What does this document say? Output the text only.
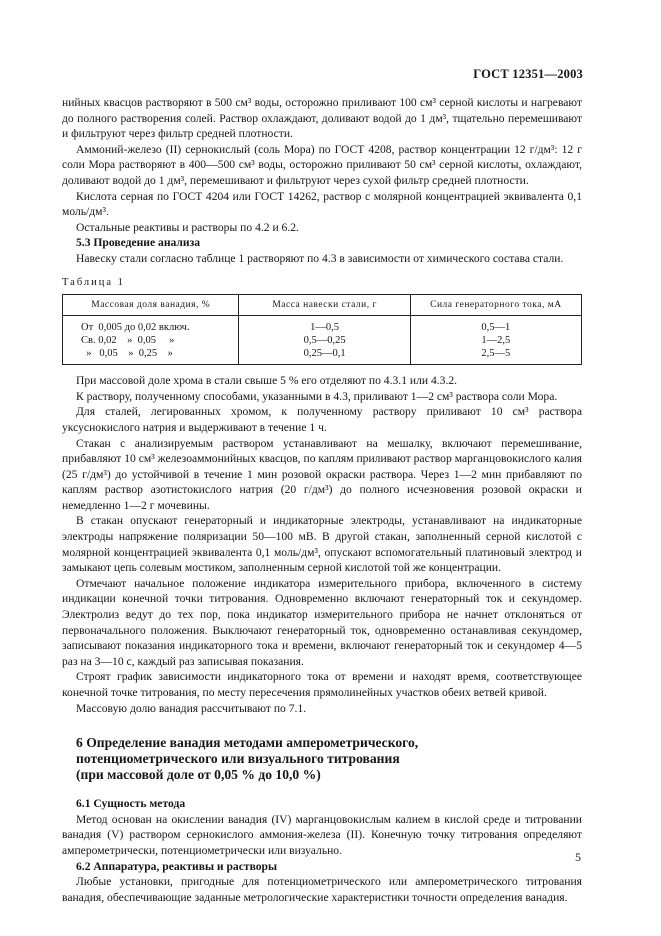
ГОСТ 12351—2003

нийных квасцов растворяют в 500 см³ воды, осторожно приливают 100 см³ серной кислоты и нагревают до полного растворения солей. Раствор охлаждают, доливают водой до 1 дм³, тщательно перемешивают и фильтруют через фильтр средней плотности.

Аммоний-железо (II) сернокислый (соль Мора) по ГОСТ 4208, раствор концентрации 12 г/дм³: 12 г соли Мора растворяют в 400—500 см³ воды, осторожно приливают 50 см³ серной кислоты, охлаждают, доливают водой до 1 дм³, перемешивают и фильтруют через сухой фильтр средней плотности.

Кислота серная по ГОСТ 4204 или ГОСТ 14262, раствор с молярной концентрацией эквивалента 0,1 моль/дм³.

Остальные реактивы и растворы по 4.2 и 6.2.

5.3 Проведение анализа

Навеску стали согласно таблице 1 растворяют по 4.3 в зависимости от химического состава стали.

Таблица 1
Массовая доля ванадия, %	Масса навески стали, г	Сила генераторного тока, мА
От  0,005 до 0,02 включ.	1—0,5	0,5—1
Св. 0,02    »  0,05     »	0,5—0,25	1—2,5
»   0,05    »  0,25    »	0,25—0,1	2,5—5

При массовой доле хрома в стали свыше 5 % его отделяют по 4.3.1 или 4.3.2.

К раствору, полученному способами, указанными в 4.3, приливают 1—2 см³ раствора соли Мора.

Для сталей, легированных хромом, к полученному раствору приливают 10 см³ раствора уксуснокислого натрия и выдерживают в течение 1 ч.

Стакан с анализируемым раствором устанавливают на мешалку, включают перемешивание, прибавляют 10 см³ железоаммонийных квасцов, по каплям приливают раствор марганцовокислого калия (25 г/дм³) до устойчивой в течение 1 мин розовой окраски раствора. Через 1—2 мин прибавляют по каплям раствор азотистокислого натрия (20 г/дм³) до полного исчезновения розовой окраски и немедленно 1—2 г мочевины.

В стакан опускают генераторный и индикаторные электроды, устанавливают на индикаторные электроды напряжение поляризации 50—100 мВ. В другой стакан, заполненный серной кислотой с молярной концентрацией эквивалента 0,1 моль/дм³, опускают вспомогательный платиновый электрод и замыкают цепь солевым мостиком, заполненным серной кислотой той же концентрации.

Отмечают начальное положение индикатора измерительного прибора, включенного в систему индикации конечной точки титрования. Одновременно включают генераторный ток и секундомер. Электролиз ведут до тех пор, пока индикатор измерительного прибора не начнет отклоняться от первоначального положения. Выключают генераторный ток, одновременно останавливая секундомер, записывают показания индикаторного тока и времени, включают генераторный ток и секундомер 4—5 раз на 3—10 с, каждый раз записывая показания.

Строят график зависимости индикаторного тока от времени и находят время, соответствующее конечной точке титрования, по месту пересечения прямолинейных участков обеих ветвей кривой.

Массовую долю ванадия рассчитывают по 7.1.

6 Определение ванадия методами амперометрического,
потенциометрического или визуального титрования
(при массовой доле от 0,05 % до 10,0 %)

6.1 Сущность метода

Метод основан на окислении ванадия (IV) марганцовокислым калием в кислой среде и титровании ванадия (V) раствором сернокислого аммония-железа (II). Конечную точку титрования определяют амперометрически, потенциометрически или визуально.

6.2 Аппаратура, реактивы и растворы

Любые установки, пригодные для потенциометрического или амперометрического титрования ванадия, обеспечивающие заданные метрологические характеристики точности определения ванадия.

5
